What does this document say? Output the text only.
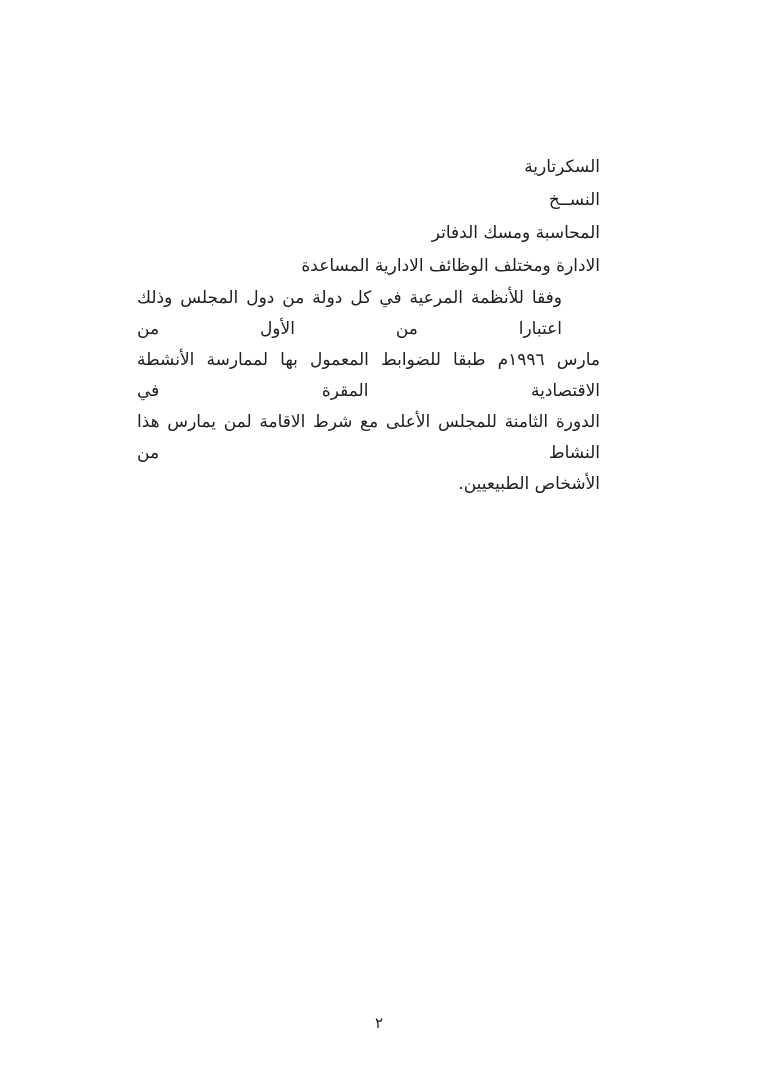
السكرتارية
النســخ
المحاسبة ومسك الدفاتر
الادارة ومختلف الوظائف الادارية المساعدة
وفقا للأنظمة المرعية في كل دولة من دول المجلس وذلك اعتبارا من الأول من
مارس ١٩٩٦م طبقا للضوابط المعمول بها لممارسة الأنشطة الاقتصادية المقرة في
الدورة الثامنة للمجلس الأعلى مع شرط الاقامة لمن يمارس هذا النشاط من
الأشخاص الطبيعيين.
٢
